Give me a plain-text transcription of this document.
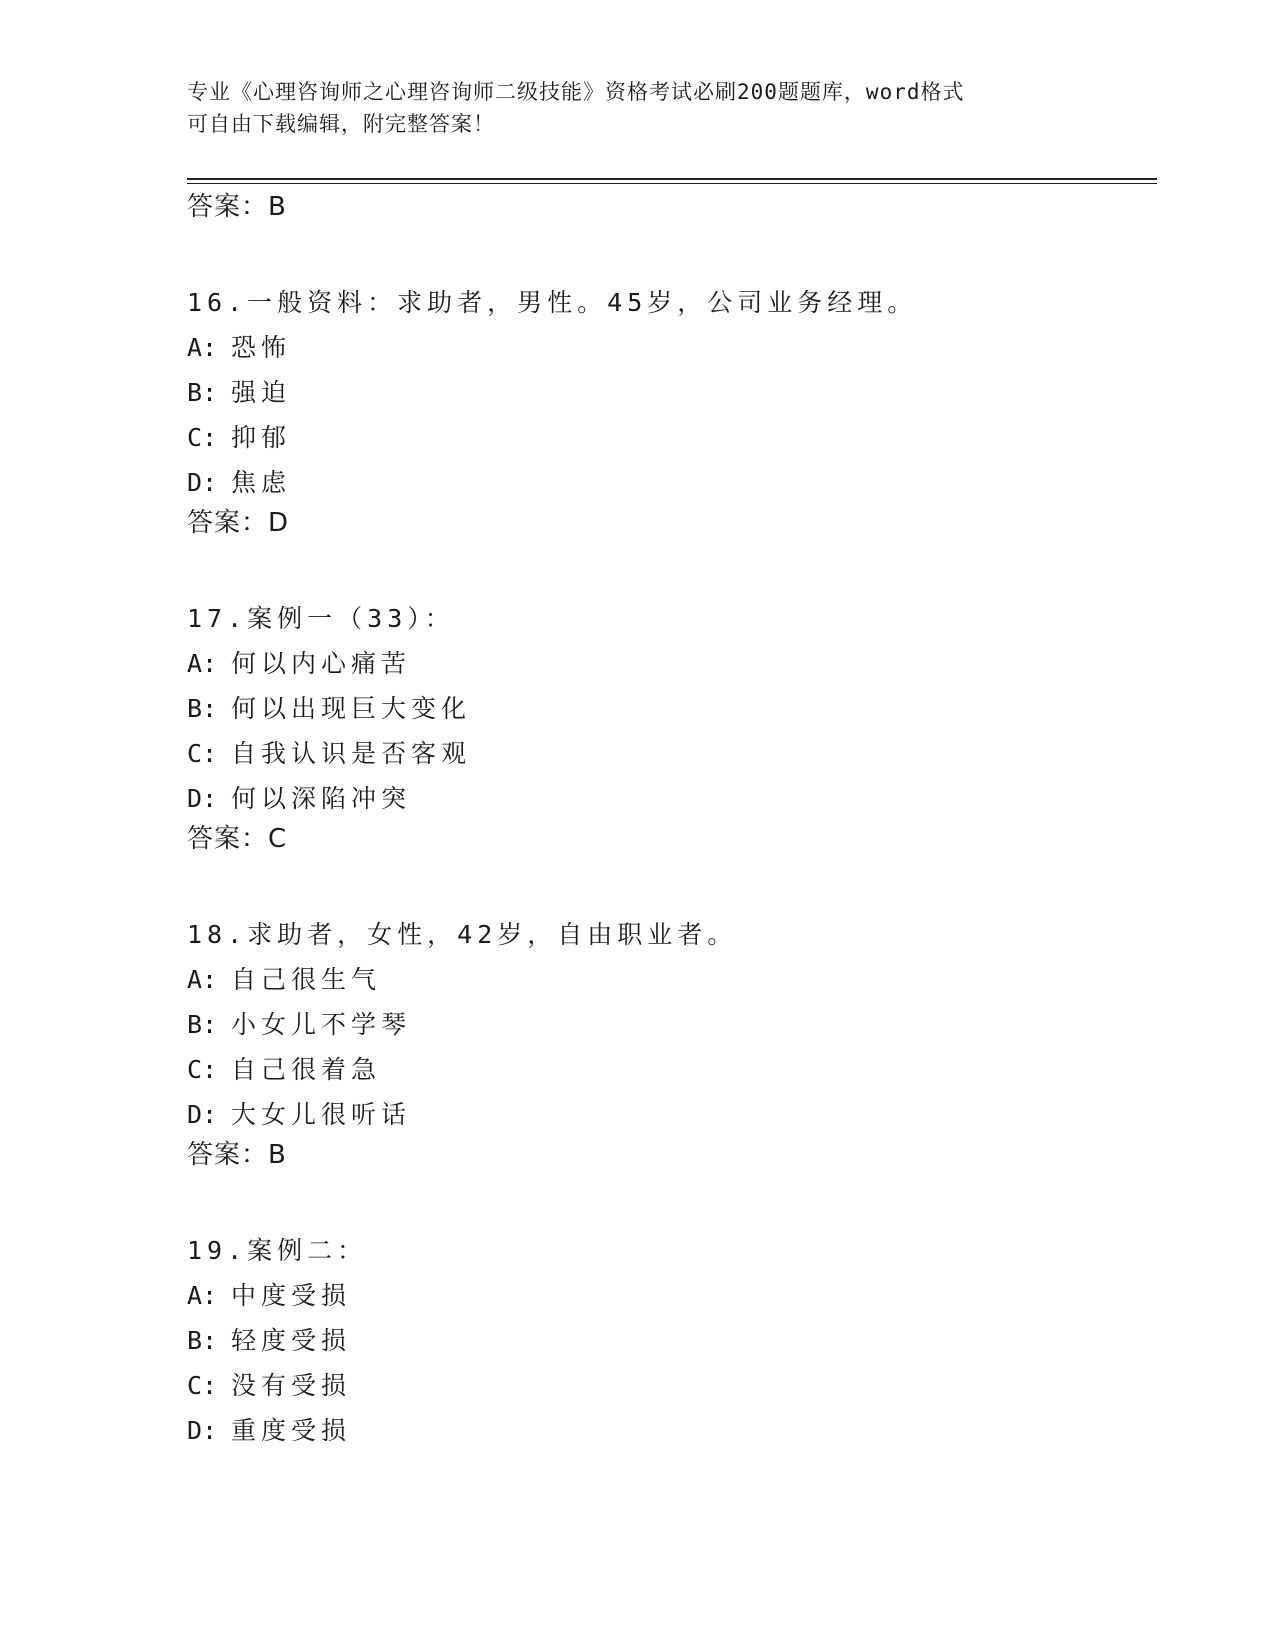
专业《心理咨询师之心理咨询师二级技能》资格考试必刷200题题库，word格式
可自由下载编辑，附完整答案！
答案：B
16.一般资料：求助者，男性。45岁，公司业务经理。
A: 恐怖
B: 强迫
C: 抑郁
D: 焦虑
答案：D
17.案例一（33）：
A: 何以内心痛苦
B: 何以出现巨大变化
C: 自我认识是否客观
D: 何以深陷冲突
答案：C
18.求助者，女性，42岁，自由职业者。
A: 自己很生气
B: 小女儿不学琴
C: 自己很着急
D: 大女儿很听话
答案：B
19.案例二：
A: 中度受损
B: 轻度受损
C: 没有受损
D: 重度受损
